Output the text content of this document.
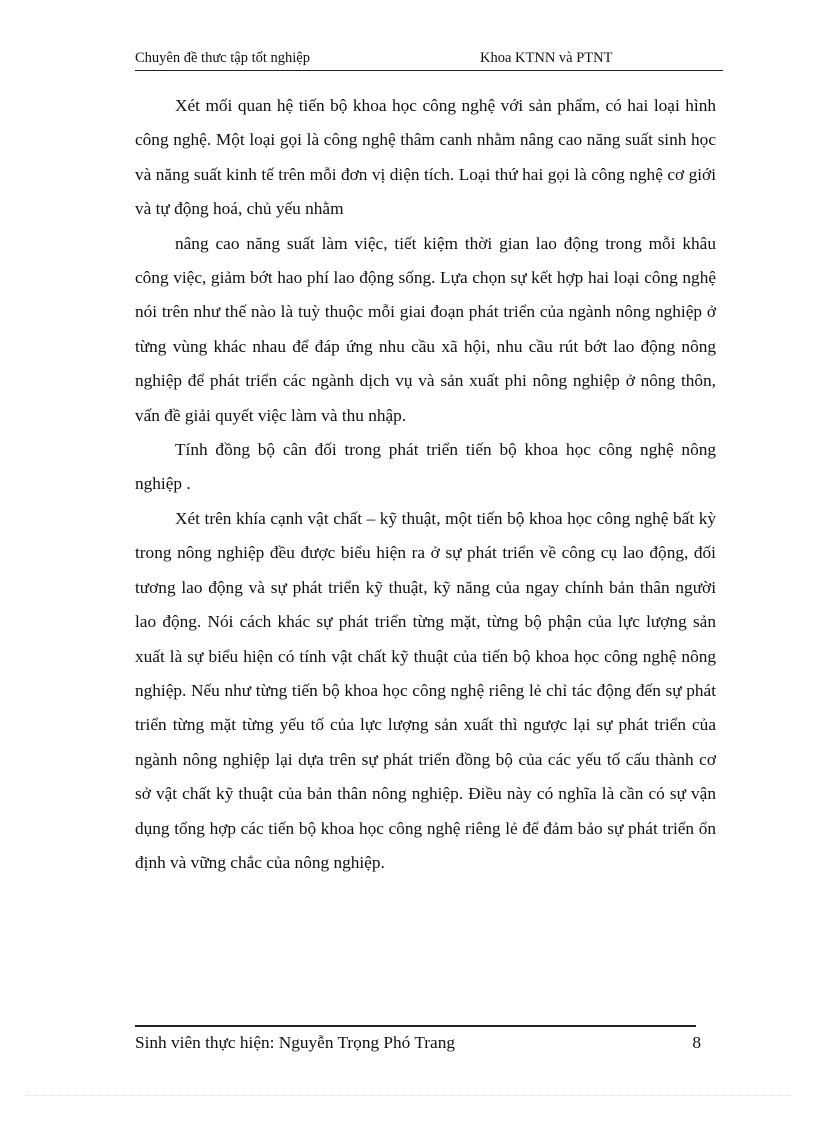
Chuyên đề thưc tập tốt nghiệp	Khoa KTNN và PTNT

Xét mối quan hệ tiến bộ khoa học công nghệ với sản phẩm, có hai loại hình công nghệ. Một loại gọi là công nghệ thâm canh nhằm nâng cao năng suất sinh học và năng suất kinh tế trên mỗi đơn vị diện tích. Loại thứ hai gọi là công nghệ cơ giới và tự động hoá, chủ yếu nhằm

nâng cao năng suất làm việc, tiết kiệm thời gian lao động trong mỗi khâu công việc, giảm bớt hao phí lao động sống. Lựa chọn sự kết hợp hai loại công nghệ nói trên như thế nào là tuỳ thuộc mỗi giai đoạn phát triển của ngành nông nghiệp ở từng vùng khác nhau để đáp ứng nhu cầu xã hội, nhu cầu rút bớt lao động nông nghiệp để phát triển các ngành dịch vụ và sản xuất phi nông nghiệp ở nông thôn, vấn đề giải quyết việc làm và thu nhập.

Tính đồng bộ cân đối trong phát triển tiến bộ khoa học công nghệ nông nghiệp .

Xét trên khía cạnh vật chất – kỹ thuật, một tiến bộ khoa học công nghệ bất kỳ trong nông nghiệp đều được biểu hiện ra ở sự phát triển về công cụ lao động, đối tương lao động và sự phát triển kỹ thuật, kỹ năng của ngay chính bản thân người lao động. Nói cách khác sự phát triển từng mặt, từng bộ phận của lực lượng sản xuất là sự biểu hiện có tính vật chất kỹ thuật của tiến bộ khoa học công nghệ nông nghiệp. Nếu như từng tiến bộ khoa học công nghệ riêng lẻ chỉ tác động đến sự phát triển từng mặt từng yếu tố của lực lượng sản xuất thì ngược lại sự phát triển của ngành nông nghiệp lại dựa trên sự phát triển đồng bộ của các yếu tố cấu thành cơ sở vật chất kỹ thuật của bản thân nông nghiệp. Điều này có nghĩa là cần có sự vận dụng tổng hợp các tiến bộ khoa học công nghệ riêng lẻ để đảm bảo sự phát triển ổn định và vững chắc của nông nghiệp.

Sinh viên thực hiện: Nguyễn Trọng Phó Trang	8
